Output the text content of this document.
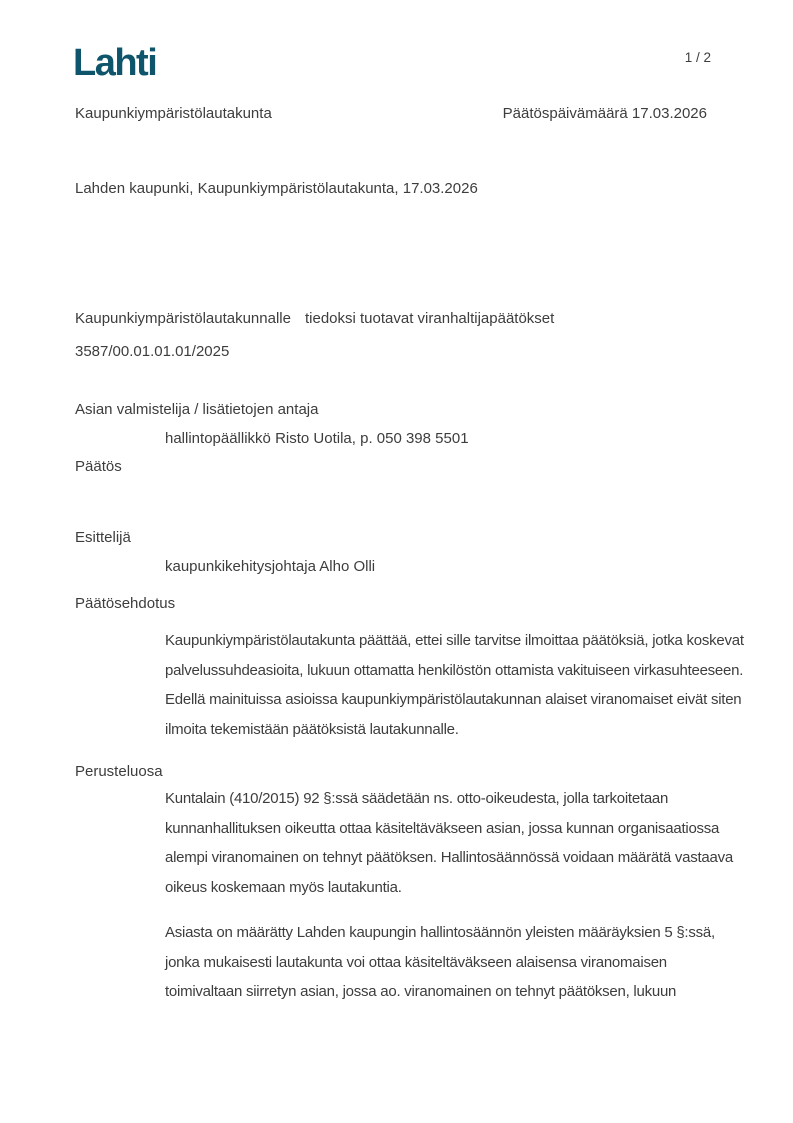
Lahti	1 / 2
Kaupunkiympäristölautakunta	Päätöspäivämäärä 17.03.2026
Lahden kaupunki, Kaupunkiympäristölautakunta, 17.03.2026
Kaupunkiympäristölautakunnalle tiedoksi tuotavat viranhaltijapäätökset
3587/00.01.01.01/2025
Asian valmistelija / lisätietojen antaja
hallintopäällikkö Risto Uotila, p. 050 398 5501
Päätös
Esittelijä
kaupunkikehitysjohtaja Alho Olli
Päätösehdotus
Kaupunkiympäristölautakunta päättää, ettei sille tarvitse ilmoittaa päätöksiä, jotka koskevat palvelussuhdeasioita, lukuun ottamatta henkilöstön ottamista vakituiseen virkasuhteeseen. Edellä mainituissa asioissa kaupunkiympäristölautakunnan alaiset viranomaiset eivät siten ilmoita tekemistään päätöksistä lautakunnalle.
Perusteluosa
Kuntalain (410/2015) 92 §:ssä säädetään ns. otto-oikeudesta, jolla tarkoitetaan kunnanhallituksen oikeutta ottaa käsiteltäväkseen asian, jossa kunnan organisaatiossa alempi viranomainen on tehnyt päätöksen. Hallintosäännössä voidaan määrätä vastaava oikeus koskemaan myös lautakuntia.
Asiasta on määrätty Lahden kaupungin hallintosäännön yleisten määräyksien 5 §:ssä, jonka mukaisesti lautakunta voi ottaa käsiteltäväkseen alaisensa viranomaisen toimivaltaan siirretyn asian, jossa ao. viranomainen on tehnyt päätöksen, lukuun
